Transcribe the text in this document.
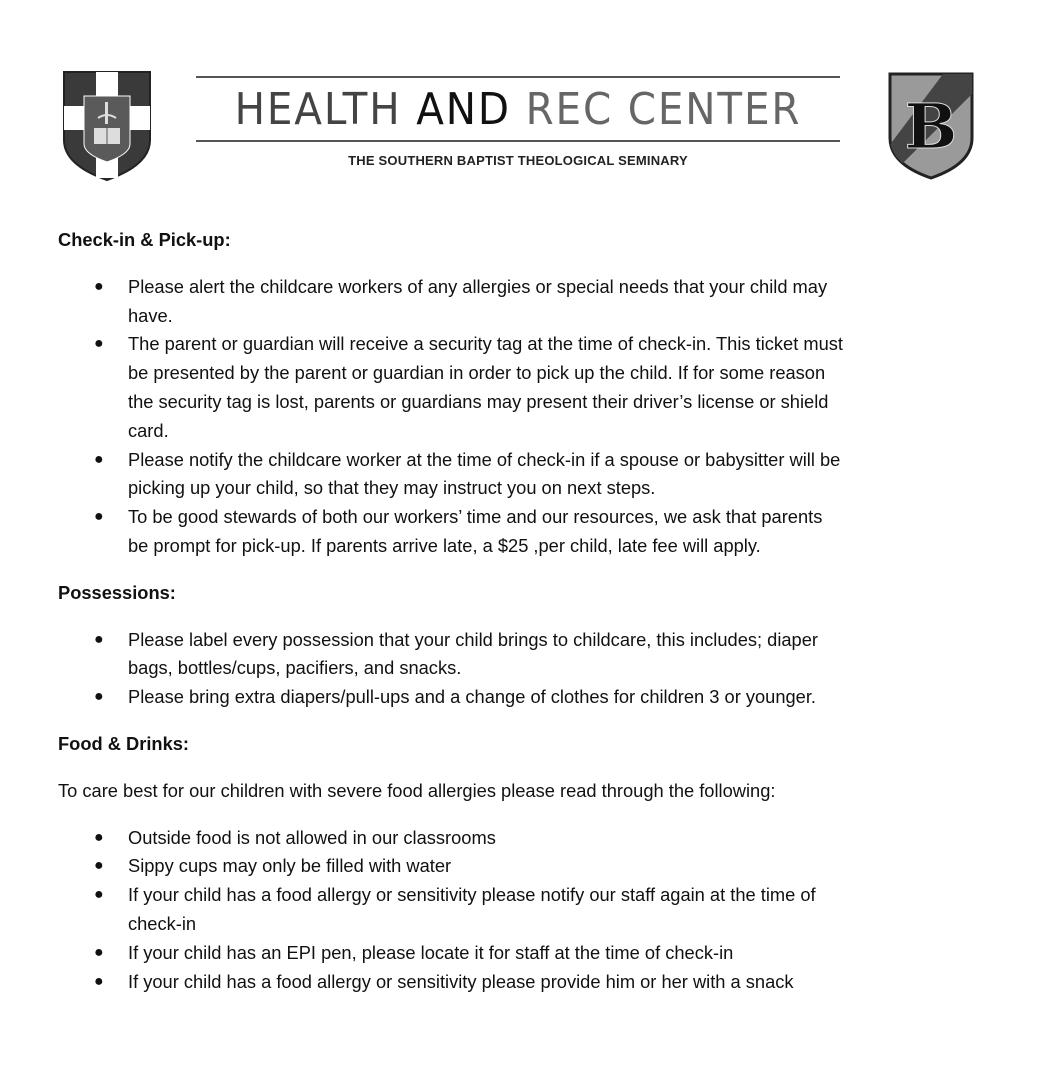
HEALTH AND REC CENTER
THE SOUTHERN BAPTIST THEOLOGICAL SEMINARY	B
Check-in & Pick-up:
● Please alert the childcare workers of any allergies or special needs that your child may
have.
● The parent or guardian will receive a security tag at the time of check-in. This ticket must
be presented by the parent or guardian in order to pick up the child. If for some reason
the security tag is lost, parents or guardians may present their driver’s license or shield
card.
● Please notify the childcare worker at the time of check-in if a spouse or babysitter will be
picking up your child, so that they may instruct you on next steps.
● To be good stewards of both our workers’ time and our resources, we ask that parents
be prompt for pick-up. If parents arrive late, a $25 ,per child, late fee will apply.
Possessions:
● Please label every possession that your child brings to childcare, this includes; diaper
bags, bottles/cups, pacifiers, and snacks.
● Please bring extra diapers/pull-ups and a change of clothes for children 3 or younger.
Food & Drinks:

To care best for our children with severe food allergies please read through the following:

● Outside food is not allowed in our classrooms
● Sippy cups may only be filled with water
● If your child has a food allergy or sensitivity please notify our staff again at the time of
check-in
● If your child has an EPI pen, please locate it for staff at the time of check-in
● If your child has a food allergy or sensitivity please provide him or her with a snack
